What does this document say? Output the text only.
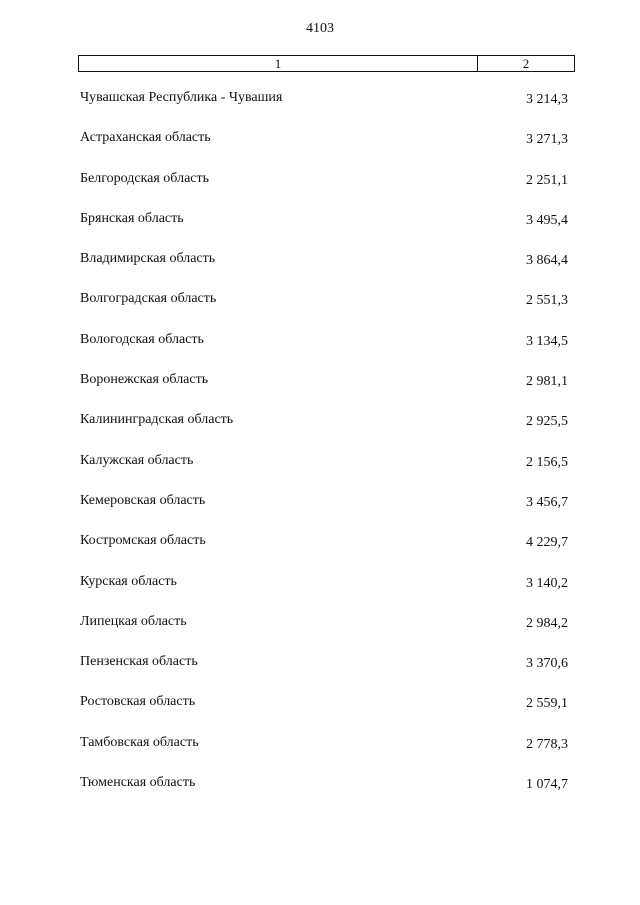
4103
1	2
Чувашская Республика - Чувашия	3 214,3
Астраханская область	3 271,3
Белгородская область	2 251,1
Брянская область	3 495,4
Владимирская область	3 864,4
Волгоградская область	2 551,3
Вологодская область	3 134,5
Воронежская область	2 981,1
Калининградская область	2 925,5
Калужская область	2 156,5
Кемеровская область	3 456,7
Костромская область	4 229,7
Курская область	3 140,2
Липецкая область	2 984,2
Пензенская область	3 370,6
Ростовская область	2 559,1
Тамбовская область	2 778,3
Тюменская область	1 074,7
